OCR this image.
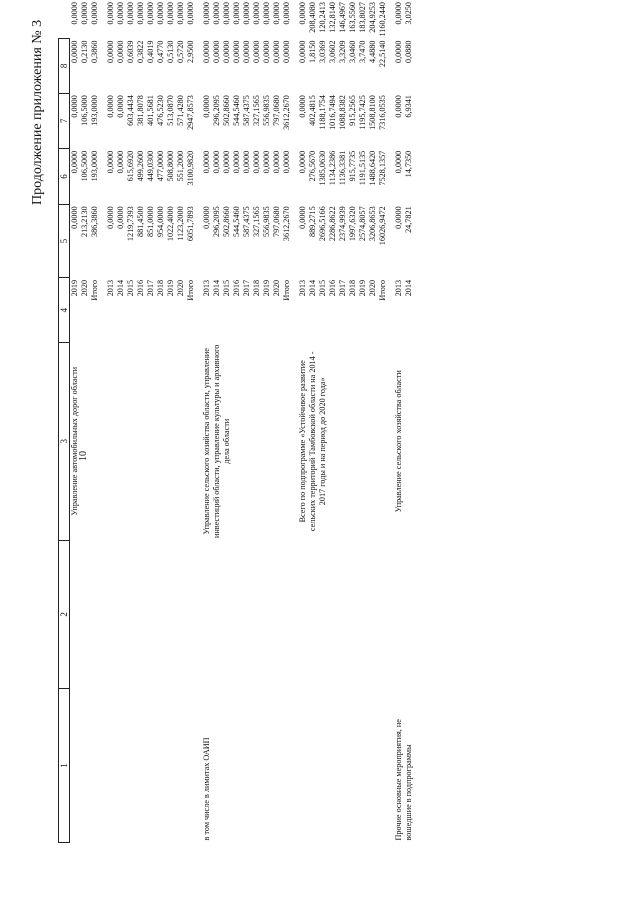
10
Продолжение приложения № 3
1	2	3	4	5	6	7	8	
		Управление автомобильных дорог области	2019	0,0000	0,0000	0,0000	0,0000	0,0000
			2020	213,2130	106,5000	106,5000	0,2130	0,0000
			Итого	386,3860	193,0000	193,0000	0,3860	0,0000

			2013	0,0000	0,0000	0,0000	0,0000	0,0000
			2014	0,0000	0,0000	0,0000	0,0000	0,0000
			2015	1219,7393	615,6920	603,4434	0,6039	0,0000
			2016	881,4500	499,2600	381,8078	0,3822	0,0000
			2017	851,0000	449,0300	401,5681	0,4019	0,0000
			2018	954,0000	477,0000	476,5230	0,4770	0,0000
			2019	1022,4000	508,8000	513,0870	0,5130	0,0000
			2020	1123,2000	551,2000	571,4280	0,5720	0,0000
			Итого	6051,7893	3100,9820	2947,8573	2,9500	0,0000

в том числе в лимитах ОАИП		Управление сельского хозяйства области, управление инвестиций области, управление культуры и архивного дела области	2013	0,0000	0,0000	0,0000	0,0000	0,0000
			2014	296,2095	0,0000	296,2095	0,0000	0,0000
			2015	502,8660	0,0000	502,8660	0,0000	0,0000
			2016	544,5460	0,0000	544,5460	0,0000	0,0000
			2017	587,4375	0,0000	587,4375	0,0000	0,0000
			2018	327,1565	0,0000	327,1565	0,0000	0,0000
			2019	556,9835	0,0000	556,9835	0,0000	0,0000
			2020	797,0680	0,0000	797,0680	0,0000	0,0000
			Итого	3612,2670	0,0000	3612,2670	0,0000	0,0000

		Всего по подпрограмме «Устойчивое развитие сельских территорий Тамбовской области на 2014 - 2017 годы и на период до 2020 года»	2013	0,0000	0,0000	0,0000	0,0000	0,0000
			2014	889,2715	276,5670	402,4815	1,8150	208,4080
			2015	2696,5166	1385,0630	1188,1754	3,0369	120,2413
			2016	2286,8622	1134,2386	1016,7494	3,0602	132,8140
			2017	2374,9939	1136,3381	1088,8382	3,3209	146,4967
			2018	1997,6320	915,7735	915,2565	3,0460	163,5560
			2019	2574,8057	1191,5135	1195,7425	3,7470	183,8027
			2020	3206,8653	1488,6420	1508,8100	4,4880	204,9253
			Итого	16026,9472	7528,1357	7316,0535	22,5140	1160,2440

Прочие основные мероприятия, не вошедшие в подпрограммы		Управление сельского хозяйства области	2013	0,0000	0,0000	0,0000	0,0000	0,0000
			2014	24,7821	14,7350	6,9341	0,0880	3,0250
